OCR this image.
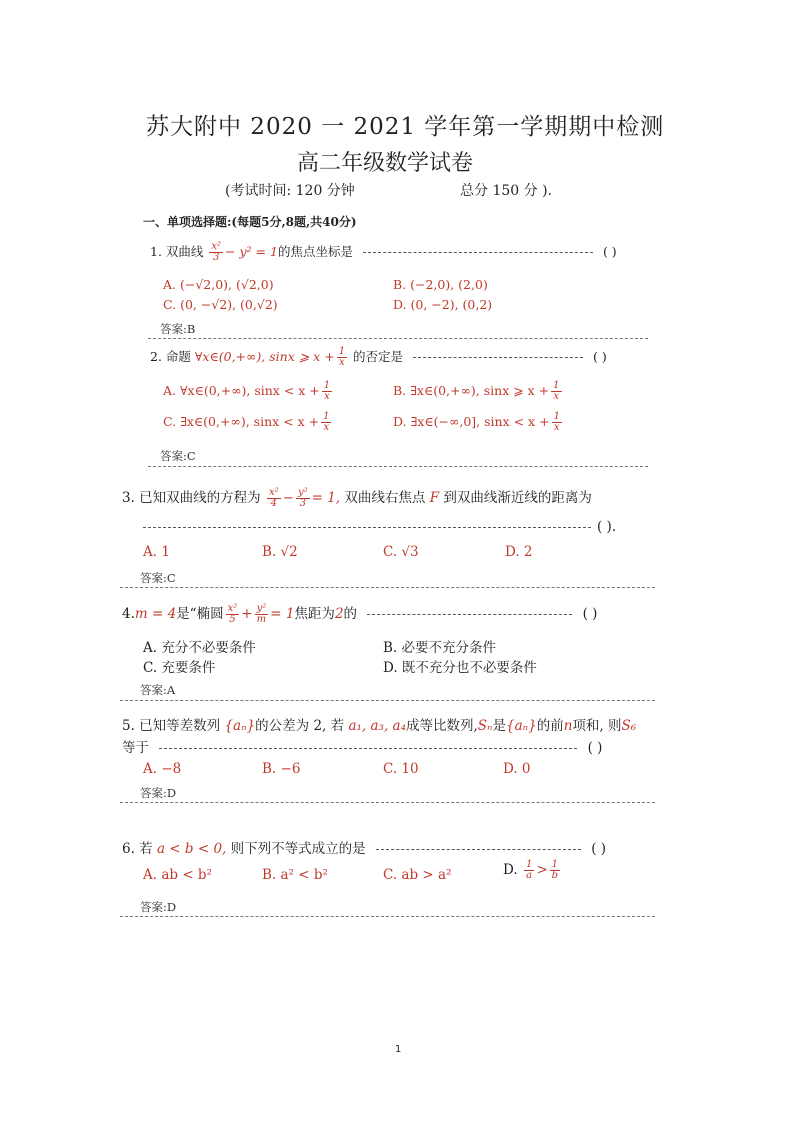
苏大附中 2020 一 2021 学年第一学期期中检测
高二年级数学试卷
(考试时间: 120 分钟	总分 150 分 ).
一、单项选择题:(每题5分,8题,共40分)
1. 双曲线 $\frac{\text{x²}}{3} - y^2 = 1$的焦点坐标是	( )
A. (−√2,0), (√2,0)	B. (−2,0), (2,0)
C. (0, −√2), (0,√2)	D. (0, −2), (0,2)
答案:B
2. 命题 ∀x∈(0,+∞), sinx ⩾ $x + \frac{1}{x}$ 的否定是	( )
A. ∀x∈(0,+∞), $\sin x < x + \frac{1}{x}$	B. ∃x∈(0,+∞), sinx ⩾ $x + \frac{1}{x}$
C. ∃x∈(0,+∞), $\sin x < x + \frac{1}{x}$	D. ∃x∈(−∞,0], $\sin x < x + \frac{1}{x}$
答案:C
3. 已知双曲线的方程为 $\frac{\text{x²}}{4} - \frac{\text{y²}}{3} = 1$, 双曲线右焦点 F 到双曲线渐近线的距离为
( ).
A. 1	B. √2	C. √3	D. 2
答案:C
4.m = 4是“椭圆 $\frac{\text{x²}}{5} + \frac{\text{y²}}{m} = 1$焦距为2的	( )
A. 充分不必要条件	B. 必要不充分条件
C. 充要条件	D. 既不充分也不必要条件
答案:A
5. 已知等差数列 {aₙ}的公差为 2, 若 a₁, a₃, a₄成等比数列,Sₙ是{aₙ}的前n项和, 则S₆
等于	( )
A. −8	B. −6	C. 10	D. 0
答案:D
6. 若 a < b < 0, 则下列不等式成立的是	( )
A. ab < b²	B. a² < b²	C. ab > a²	D. $\frac{1}{a} > \frac{1}{b}$
答案:D
1
